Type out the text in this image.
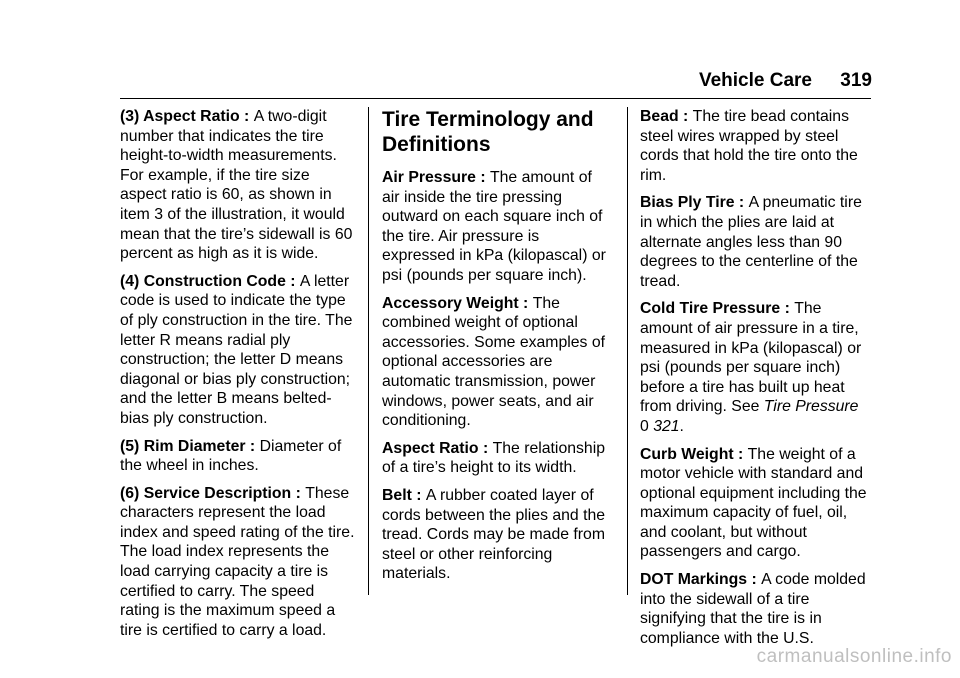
Vehicle Care 319

(3) Aspect Ratio : A two-digit number that indicates the tire height-to-width measurements. For example, if the tire size aspect ratio is 60, as shown in item 3 of the illustration, it would mean that the tire’s sidewall is 60 percent as high as it is wide.

(4) Construction Code : A letter code is used to indicate the type of ply construction in the tire. The letter R means radial ply construction; the letter D means diagonal or bias ply construction; and the letter B means belted-bias ply construction.

(5) Rim Diameter : Diameter of the wheel in inches.

(6) Service Description : These characters represent the load index and speed rating of the tire. The load index represents the load carrying capacity a tire is certified to carry. The speed rating is the maximum speed a tire is certified to carry a load.

Tire Terminology and Definitions

Air Pressure : The amount of air inside the tire pressing outward on each square inch of the tire. Air pressure is expressed in kPa (kilopascal) or psi (pounds per square inch).

Accessory Weight : The combined weight of optional accessories. Some examples of optional accessories are automatic transmission, power windows, power seats, and air conditioning.

Aspect Ratio : The relationship of a tire’s height to its width.

Belt : A rubber coated layer of cords between the plies and the tread. Cords may be made from steel or other reinforcing materials.

Bead : The tire bead contains steel wires wrapped by steel cords that hold the tire onto the rim.

Bias Ply Tire : A pneumatic tire in which the plies are laid at alternate angles less than 90 degrees to the centerline of the tread.

Cold Tire Pressure : The amount of air pressure in a tire, measured in kPa (kilopascal) or psi (pounds per square inch) before a tire has built up heat from driving. See Tire Pressure
0 321.

Curb Weight : The weight of a motor vehicle with standard and optional equipment including the maximum capacity of fuel, oil, and coolant, but without passengers and cargo.

DOT Markings : A code molded into the sidewall of a tire signifying that the tire is in compliance with the U.S.

carmanualsonline.info
